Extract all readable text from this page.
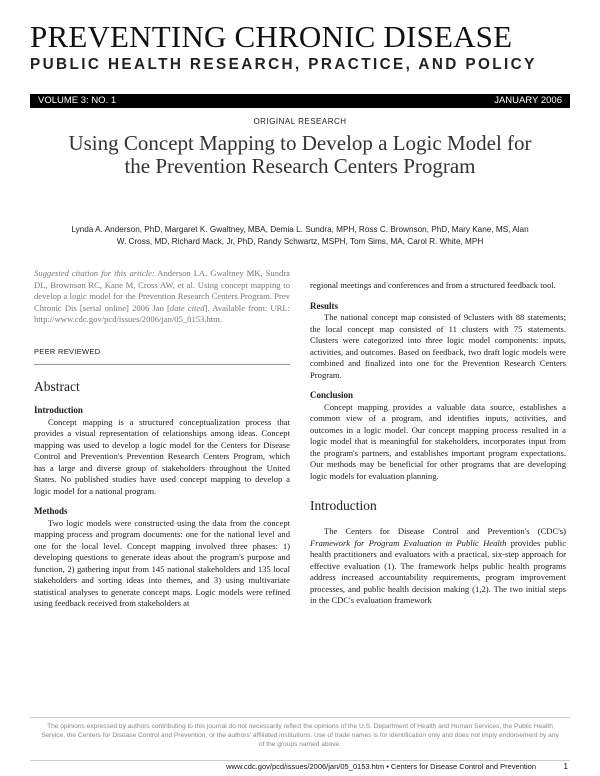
PREVENTING CHRONIC DISEASE
PUBLIC HEALTH RESEARCH, PRACTICE, AND POLICY
VOLUME 3: NO. 1	JANUARY 2006
ORIGINAL RESEARCH
Using Concept Mapping to Develop a Logic Model for the Prevention Research Centers Program
Lynda A. Anderson, PhD, Margaret K. Gwaltney, MBA, Demia L. Sundra, MPH, Ross C. Brownson, PhD, Mary Kane, MS, Alan W. Cross, MD, Richard Mack, Jr, PhD, Randy Schwartz, MSPH, Tom Sims, MA, Carol R. White, MPH

Suggested citation for this article: Anderson LA, Gwaltney MK, Sundra DL, Brownson RC, Kane M, Cross AW, et al. Using concept mapping to develop a logic model for the Prevention Research Centers Program. Prev Chronic Dis [serial online] 2006 Jan [date cited]. Available from: URL: http://www.cdc.gov/pcd/issues/2006/jan/05_0153.htm.

PEER REVIEWED
Abstract
Introduction

Concept mapping is a structured conceptualization process that provides a visual representation of relationships among ideas. Concept mapping was used to develop a logic model for the Centers for Disease Control and Prevention's Prevention Research Centers Program, which has a large and diverse group of stakeholders throughout the United States. No published studies have used concept mapping to develop a logic model for a national program.

Methods

Two logic models were constructed using the data from the concept mapping process and program documents: one for the national level and one for the local level. Concept mapping involved three phases: 1) developing questions to generate ideas about the program's purpose and function, 2) gathering input from 145 national stakeholders and 135 local stakeholders and sorting ideas into themes, and 3) using multivariate statistical analyses to generate concept maps. Logic models were refined using feedback received from stakeholders at

regional meetings and conferences and from a structured feedback tool.

Results

The national concept map consisted of 9clusters with 88 statements; the local concept map consisted of 11 clusters with 75 statements. Clusters were categorized into three logic model components: inputs, activities, and outcomes. Based on feedback, two draft logic models were combined and finalized into one for the Prevention Research Centers Program.

Conclusion

Concept mapping provides a valuable data source, establishes a common view of a program, and identifies inputs, activities, and outcomes in a logic model. Our concept mapping process resulted in a logic model that is meaningful for stakeholders, incorporates input from the program's partners, and establishes important program expectations. Our methods may be beneficial for other programs that are developing logic models for evaluation planning.

Introduction

The Centers for Disease Control and Prevention's (CDC's) Framework for Program Evaluation in Public Health provides public health practitioners and evaluators with a practical, six-step approach for effective evaluation (1). The framework helps public health programs address increased accountability requirements, program improvement processes, and public health decision making (1,2). The two initial steps in the CDC's evaluation framework

The opinions expressed by authors contributing to this journal do not necessarily reflect the opinions of the U.S. Department of Health and Human Services, the Public Health Service, the Centers for Disease Control and Prevention, or the authors' affiliated institutions. Use of trade names is for identification only and does not imply endorsement by any of the groups named above.
www.cdc.gov/pcd/issues/2006/jan/05_0153.htm • Centers for Disease Control and Prevention	1
